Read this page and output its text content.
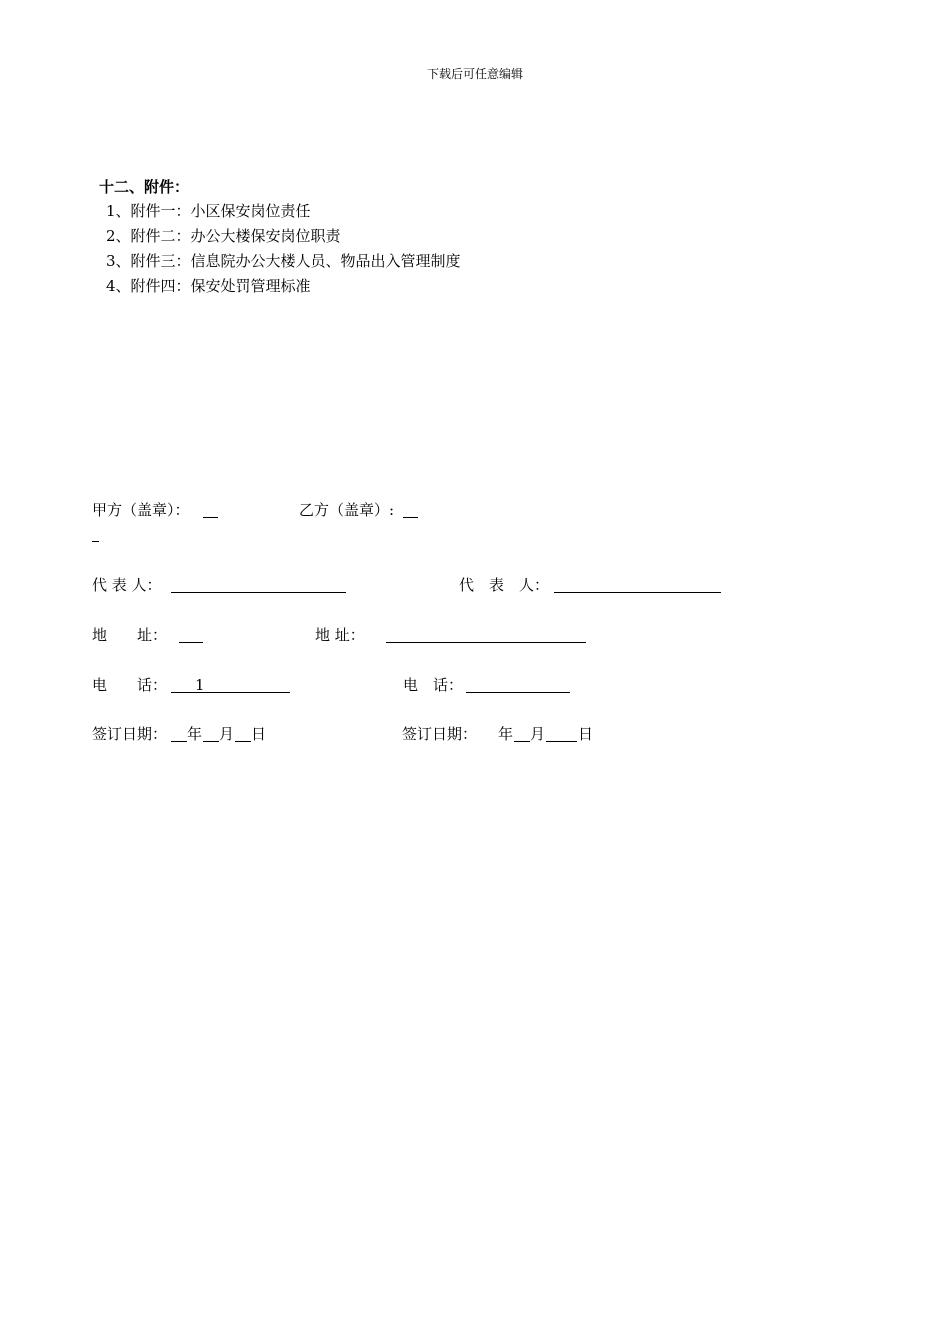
下载后可任意编辑
十二、附件：
1、附件一：小区保安岗位责任
2、附件二：办公大楼保安岗位职责
3、附件三：信息院办公大楼人员、物品出入管理制度
4、附件四：保安处罚管理标准
甲方（盖章）：	乙方（盖章）:
代 表 人：	代　表　人：
地　　址：	地 址：
电　　话： 1	电　话：
签订日期： 年 月 日	签订日期： 年 月 日
